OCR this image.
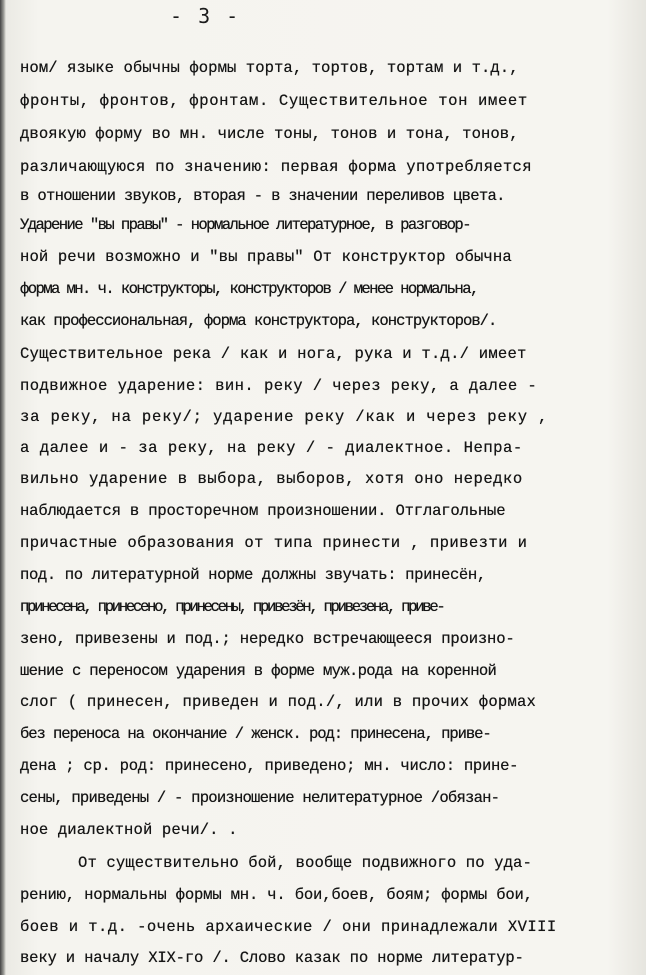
- 3 -
ном/ языке обычны формы торта, тортов, тортам и т.д.,
фронты, фронтов, фронтам. Существительное тон имеет
двоякую форму во мн. числе тоны, тонов и тона, тонов,
различающуюся по значению: первая форма употребляется
в отношении звуков, вторая - в значении переливов цвета.
Ударение "вы правы" - нормальное литературное, в разговор-
ной речи возможно и "вы правы" От конструктор обычна
форма мн. ч. конструкторы, конструкторов / менее нормальна,
как профессиональная, форма конструктора, конструкторов/.
Существительное река / как и нога, рука и т.д./ имеет
подвижное ударение: вин. реку / через реку, а далее -
за реку, на реку/; ударение реку /как и через реку ,
а далее и - за реку, на реку / - диалектное. Непра-
вильно ударение в выбора, выборов, хотя оно нередко
наблюдается в просторечном произношении. Отглагольные
причастные образования от типа принести , привезти и
под. по литературной норме должны звучать: принесён,
принесена, принесено, принесены, привезён, привезена, приве-
зено, привезены и под.; нередко встречающееся произно-
шение с переносом ударения в форме муж.рода на коренной
слог ( принесен, приведен и под./, или в прочих формах
без переноса на окончание / женск. род: принесена, приве-
дена ; ср. род: принесено, приведено; мн. число: прине-
сены, приведены / - произношение нелитературное /обязан-
ное диалектной речи/. .
От существительно бой, вообще подвижного по уда-
рению, нормальны формы мн. ч. бои,боев, боям; формы бои,
боев и т.д. -очень архаические / они принадлежали XVIII
веку и началу XIX-го /. Слово казак по норме литератур-
